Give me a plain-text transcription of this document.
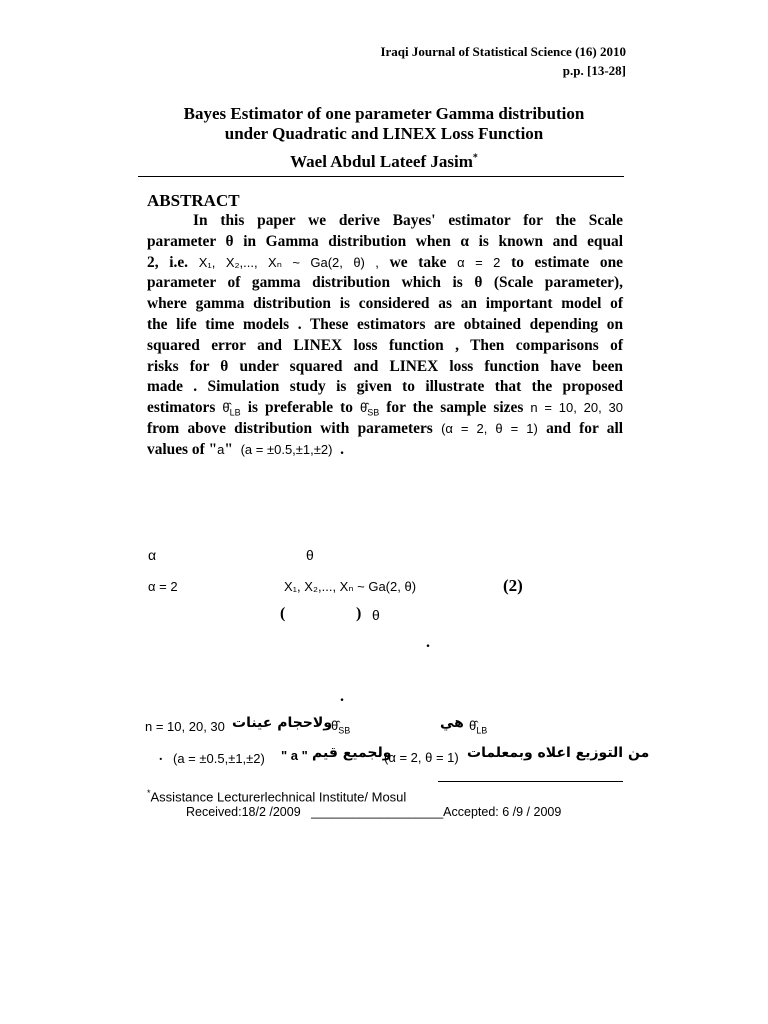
Iraqi Journal of Statistical Science (16) 2010
p.p. [13-28]
Bayes Estimator of one parameter Gamma distribution
under Quadratic and LINEX Loss Function
Wael Abdul Lateef Jasim*
ABSTRACT
In this paper we derive Bayes' estimator for the Scale
parameter θ in Gamma distribution when α is known and equal
2, i.e. X₁, X₂,..., Xₙ ~ Ga(2, θ) , we take α = 2 to estimate one
parameter of gamma distribution which is θ (Scale parameter),
where gamma distribution is considered as an important model of
the life time models . These estimators are obtained depending on
squared error and LINEX loss function , Then comparisons of
risks for θ under squared and LINEX loss function have been
made . Simulation study is given to illustrate that the proposed
estimators $\thetâ_{LB}$ is preferable to $\thetâ_{SB}$ for the sample sizes n = 10, 20, 30
from above distribution with parameters (α = 2, θ = 1) and for all
values of "a" (a = ±0.5,±1,±2) .
α	θ
α = 2	X₁, X₂,..., Xₙ ~ Ga(2, θ)	(2)
(	) θ
.
.
n = 10, 20, 30 ولاحجام عينات
$\thetâ_{SB}$	هي $\thetâ_{LB}$
. (a = ±0.5,±1,±2) " a " ولجميع قيم
(α = 2, θ = 1) من التوزيع اعلاه وبمعلمات
*Assistance Lecturerlechnical Institute/ Mosul
Received:18/2 /2009   ___________________Accepted: 6 /9 / 2009
